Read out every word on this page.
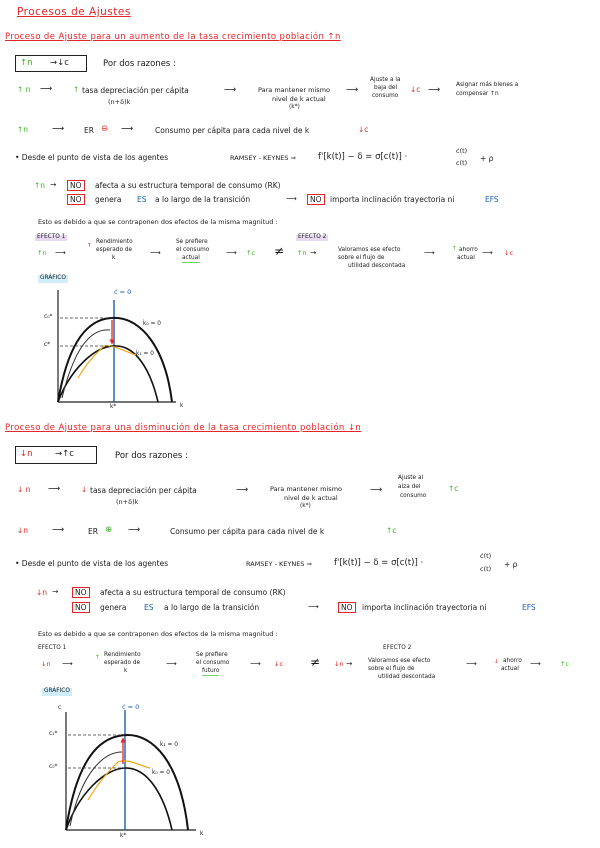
Procesos de Ajustes
Proceso de Ajuste para un aumento de la tasa crecimiento población ↑n
↑n →↓c	Por dos razones :
↑ n ⟶	↑ tasa depreciación per cápita
(n+δ)k
⟶	Para mantener mismo
nivel de k actual
(k*)
⟶
Ajuste a la
baja del
consumo
↓c ⟶	Asignar más bienes a
compensar ↑n
↑n	⟶	ER ⊖ ⟶	Consumo per cápita para cada nivel de k	↓c
• Desde el punto de vista de los agentes	RAMSEY - KEYNES ⇒	f'[k(t)] − δ = σ[c(t)] ·
ċ(t)
c(t) + ρ
↑n →	NO	afecta a su estructura temporal de consumo (RK)
NO	genera ES a lo largo de la transición	⟶	NO	importa inclinación trayectoria ni	EFS
Esto es debido a que se contraponen dos efectos de la misma magnitud :
EFECTO 1	EFECTO 2
↑n ⟶
↑
Rendimiento
esperado de
k
⟶
Se prefiere
el consumo
actual
⟶ ↑c ≠ ↑n →	Valoramos ese efecto
sobre el flujo de
utilidad descontada
⟶	↑ ahorro
actual
⟶ ↓c
GRÁFICO
Proceso de Ajuste para una disminución de la tasa crecimiento población ↓n
↓n	→↑c	Por dos razones :
↓ n ⟶	↓ tasa depreciación per cápita
(n+δ)k
⟶	Para mantener mismo
nivel de k actual
(k*)
⟶
Ajuste al
alza del
consumo
↑c
↓n	⟶	ER ⊕ ⟶	Consumo per cápita para cada nivel de k	↑c
• Desde el punto de vista de los agentes	RAMSEY - KEYNES ⇒	f'[k(t)] − δ = σ[c(t)] ·
ċ(t)
c(t) + ρ
↓n →	NO	afecta a su estructura temporal de consumo (RK)
NO	genera ES a lo largo de la transición	⟶	NO	importa inclinación trayectoria ni	EFS
Esto es debido a que se contraponen dos efectos de la misma magnitud :
EFECTO 1	EFECTO 2
↓n ⟶
↑ Rendimiento
esperado de
k
⟶
Se prefiere
el consumo
futuro
⟶ ↓c ≠ ↓n →	Valoramos ese efecto
sobre el flujo de
utilidad descontada
⟶	↓ ahorro
actual
⟶	↑c
GRÁFICO
ċ = 0
k̇₀ = 0
k̇₁ = 0
c₀*
c*
k*	k
c	ċ = 0
k̇₁ = 0
k̇₀ = 0
c₁*
c₀*
k*	k
